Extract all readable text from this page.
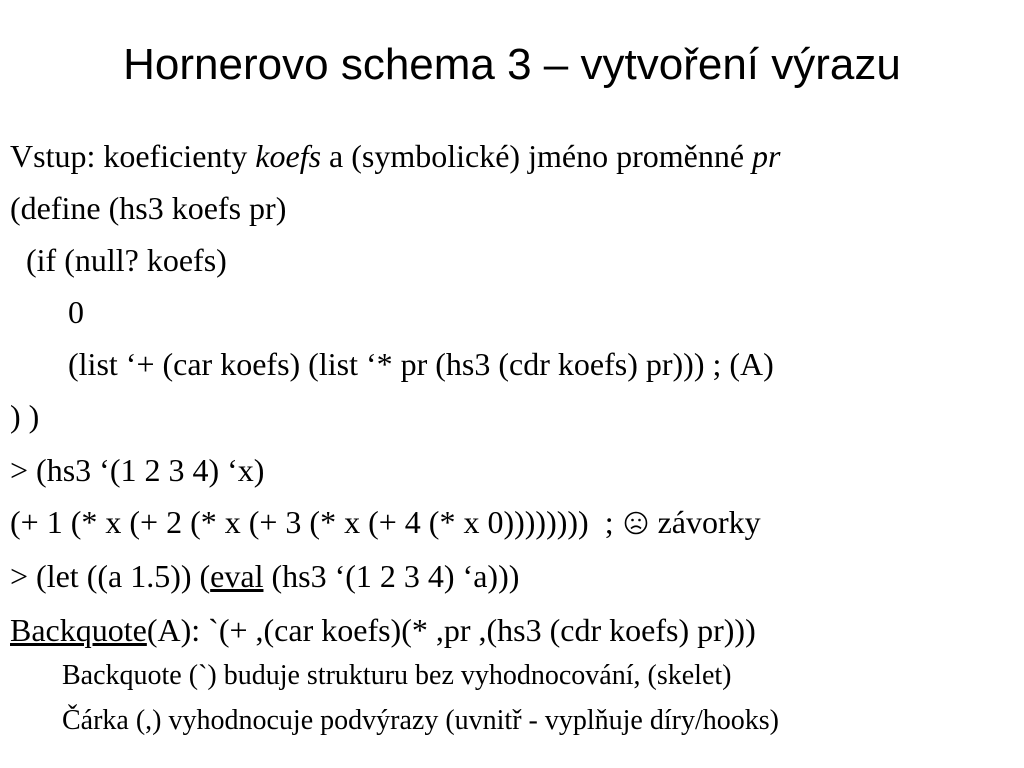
Hornerovo schema 3 – vytvoření výrazu
Vstup: koeficienty koefs a (symbolické) jméno proměnné pr
(define (hs3 koefs pr)
(if (null? koefs)
0
(list ‘+ (car koefs) (list ‘* pr (hs3 (cdr koefs) pr))) ; (A)
) )
> (hs3 ‘(1 2 3 4) ‘x)
(+ 1 (* x (+ 2 (* x (+ 3 (* x (+ 4 (* x 0))))))))  ;
závorky
> (let ((a 1.5)) (eval (hs3 ‘(1 2 3 4) ‘a)))
Backquote(A): `(+ ,(car koefs)(* ,pr ,(hs3 (cdr koefs) pr)))
Backquote (`) buduje strukturu bez vyhodnocování, (skelet)
Čárka (,) vyhodnocuje podvýrazy (uvnitř - vyplňuje díry/hooks)
